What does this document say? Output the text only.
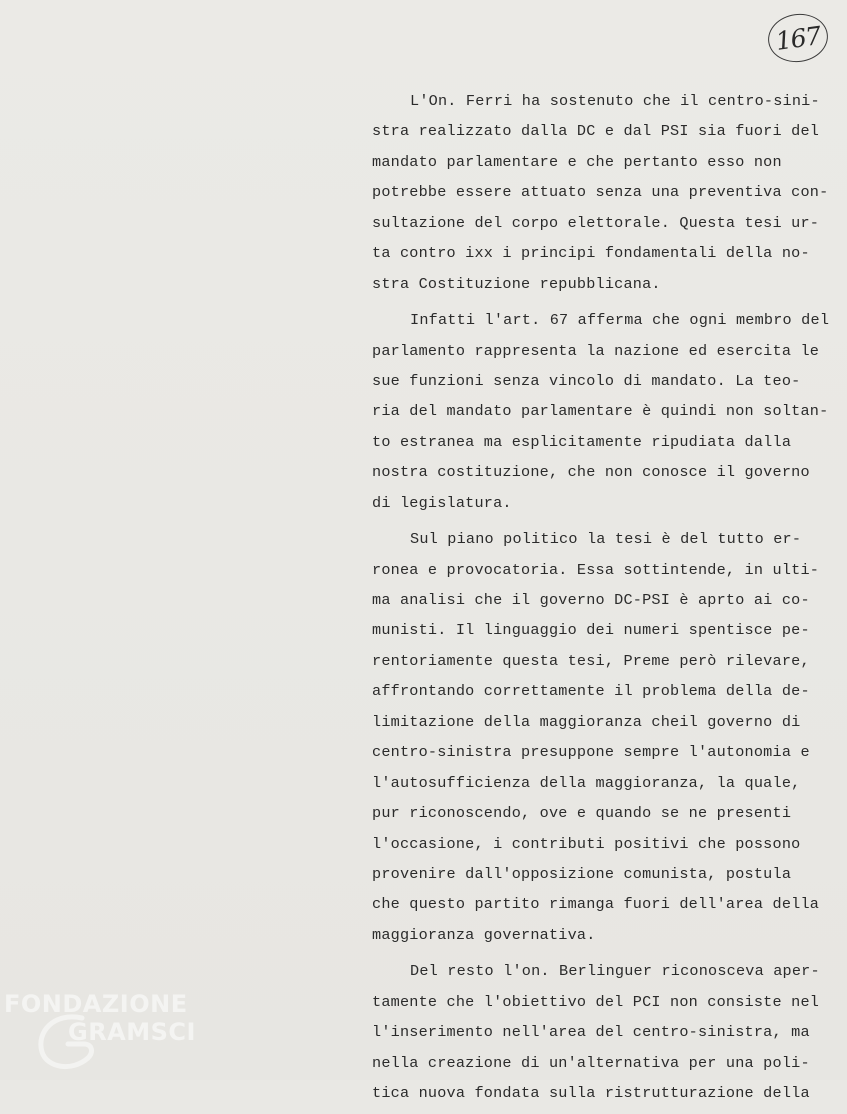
167
L'On. Ferri ha sostenuto che il centro-sini-
stra realizzato dalla DC e dal PSI sia fuori del
mandato parlamentare e che pertanto esso non
potrebbe essere attuato senza una preventiva con-
sultazione del corpo elettorale. Questa tesi ur-
ta contro ixx i principi fondamentali della no-
stra Costituzione repubblicana.
Infatti l'art. 67 afferma che ogni membro del
parlamento rappresenta la nazione ed esercita le
sue funzioni senza vincolo di mandato. La teo-
ria del mandato parlamentare è quindi non soltan-
to estranea ma esplicitamente ripudiata dalla
nostra costituzione, che non conosce il governo
di legislatura.
Sul piano politico la tesi è del tutto er-
ronea e provocatoria. Essa sottintende, in ulti-
ma analisi che il governo DC-PSI è aprto ai co-
munisti. Il linguaggio dei numeri spentisce pe-
rentoriamente questa tesi, Preme però rilevare,
affrontando correttamente il problema della de-
limitazione della maggioranza cheil governo di
centro-sinistra presuppone sempre l'autonomia e
l'autosufficienza della maggioranza, la quale,
pur riconoscendo, ove e quando se ne presenti
l'occasione, i contributi positivi che possono
provenire dall'opposizione comunista, postula
che questo partito rimanga fuori dell'area della
maggioranza governativa.
Del resto l'on. Berlinguer riconosceva aper-
tamente che l'obiettivo del PCI non consiste nel
l'inserimento nell'area del centro-sinistra, ma
nella creazione di un'alternativa per una poli-
tica nuova fondata sulla ristrutturazione della
FONDAZIONE
GRAMSCI
